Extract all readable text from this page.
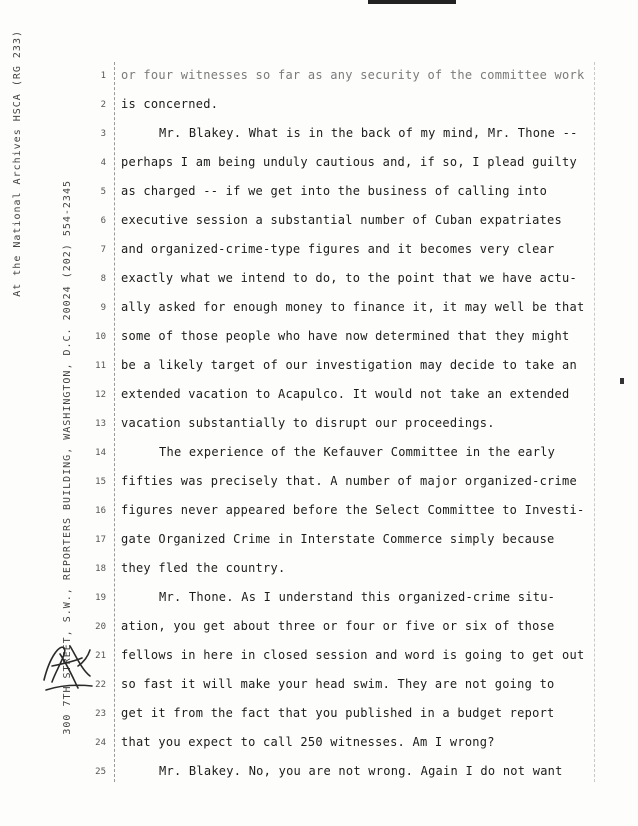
At the National Archives HSCA (RG 233)
300 7TH STREET, S.W., REPORTERS BUILDING, WASHINGTON, D.C. 20024 (202) 554-2345
1
2
3
4
5
6
7
8
9
10
11
12
13
14
15
16
17
18
19
20
21
22
23
24
25
or four witnesses so far as any security of the committee work
is concerned.
Mr. Blakey. What is in the back of my mind, Mr. Thone --
perhaps I am being unduly cautious and, if so, I plead guilty
as charged -- if we get into the business of calling into
executive session a substantial number of Cuban expatriates
and organized-crime-type figures and it becomes very clear
exactly what we intend to do, to the point that we have actu-
ally asked for enough money to finance it, it may well be that
some of those people who have now determined that they might
be a likely target of our investigation may decide to take an
extended vacation to Acapulco. It would not take an extended
vacation substantially to disrupt our proceedings.
The experience of the Kefauver Committee in the early
fifties was precisely that. A number of major organized-crime
figures never appeared before the Select Committee to Investi-
gate Organized Crime in Interstate Commerce simply because
they fled the country.
Mr. Thone. As I understand this organized-crime situ-
ation, you get about three or four or five or six of those
fellows in here in closed session and word is going to get out
so fast it will make your head swim. They are not going to
get it from the fact that you published in a budget report
that you expect to call 250 witnesses. Am I wrong?
Mr. Blakey. No, you are not wrong. Again I do not want
